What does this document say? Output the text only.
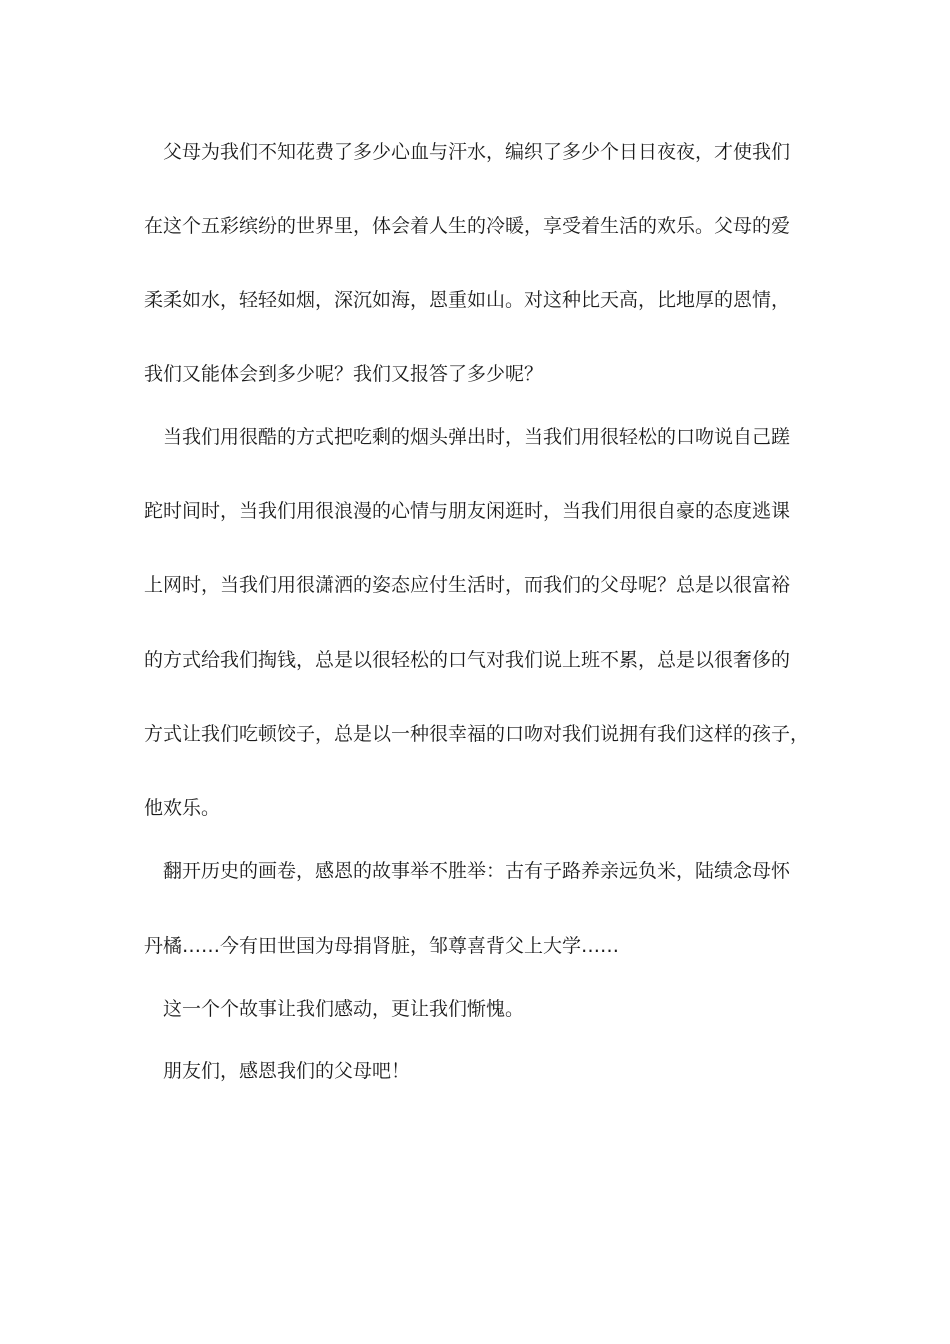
父母为我们不知花费了多少心血与汗水，编织了多少个日日夜夜，才使我们
在这个五彩缤纷的世界里，体会着人生的冷暖，享受着生活的欢乐。父母的爱
柔柔如水，轻轻如烟，深沉如海，恩重如山。对这种比天高，比地厚的恩情，
我们又能体会到多少呢？我们又报答了多少呢？
当我们用很酷的方式把吃剩的烟头弹出时，当我们用很轻松的口吻说自己蹉
跎时间时，当我们用很浪漫的心情与朋友闲逛时，当我们用很自豪的态度逃课
上网时，当我们用很潇洒的姿态应付生活时，而我们的父母呢？总是以很富裕
的方式给我们掏钱，总是以很轻松的口气对我们说上班不累，总是以很奢侈的
方式让我们吃顿饺子，总是以一种很幸福的口吻对我们说拥有我们这样的孩子，
他欢乐。
翻开历史的画卷，感恩的故事举不胜举：古有子路养亲远负米，陆绩念母怀
丹橘……今有田世国为母捐肾脏，邹尊喜背父上大学……
这一个个故事让我们感动，更让我们惭愧。
朋友们，感恩我们的父母吧！
